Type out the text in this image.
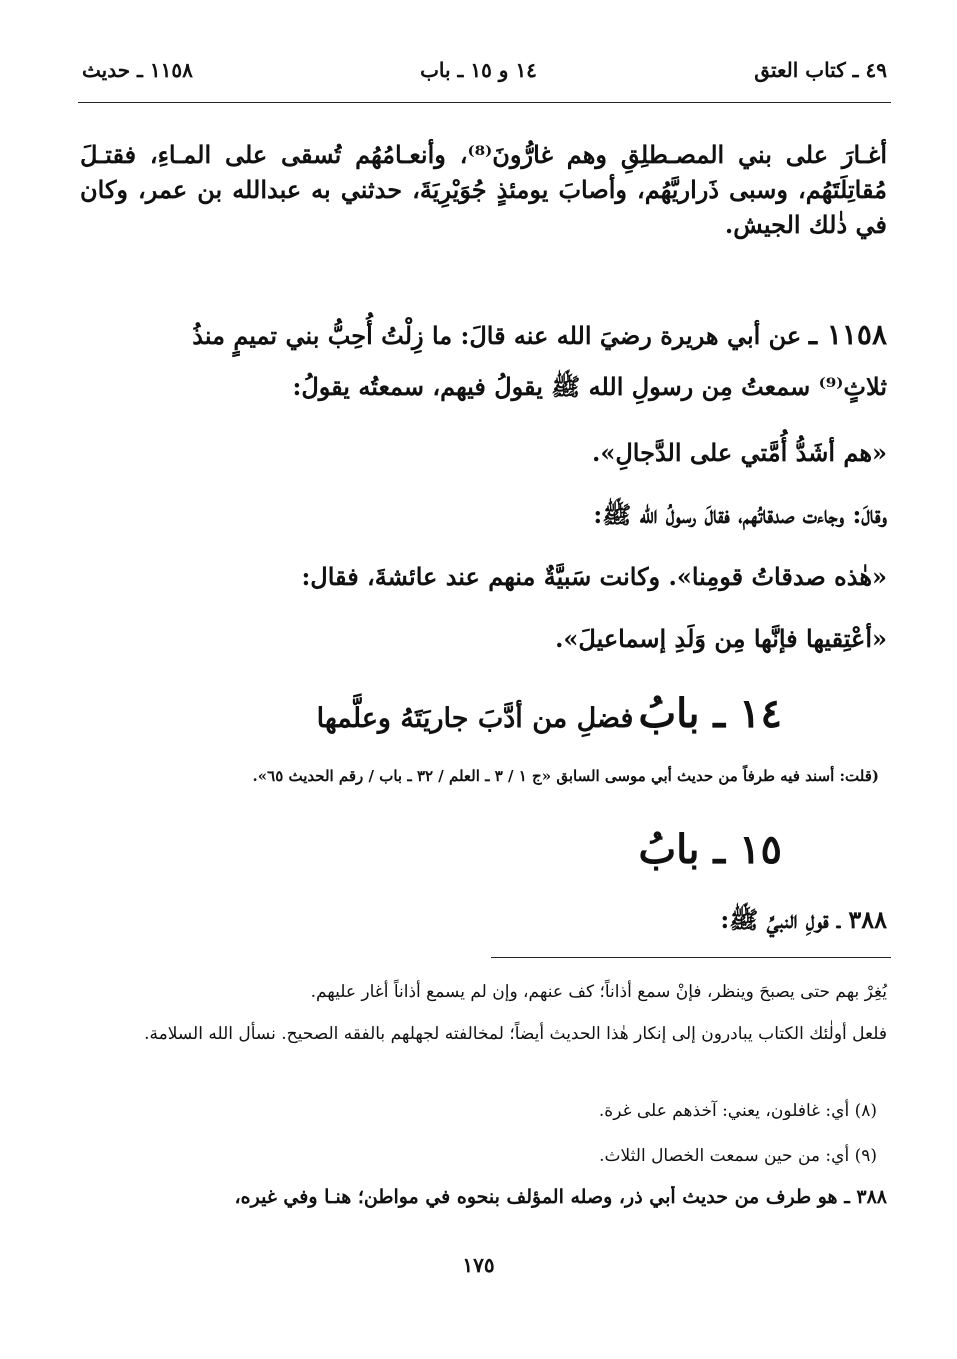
٤٩ ـ كتاب العتق
١٤ و ١٥ ـ باب
١١٥٨ ـ حديث
أغـارَ على بني المصـطلِقِ وهم غارُّونَ⁽⁸⁾، وأنعـامُهُم تُسقى على المـاءِ، فقتـلَ مُقاتِلَتَهُم، وسبى ذَراريَّهُم، وأصابَ يومئذٍ جُوَيْرِيَةَ، حدثني به عبدالله بن عمر، وكان في ذٰلك الجيش.
١١٥٨ ـ عن أبي هريرة رضيَ الله عنه قالَ: ما زِلْتُ أُحِبُّ بني تميمٍ منذُ
ثلاثٍ⁽⁹⁾ سمعتُ مِن رسولِ الله ﷺ يقولُ فيهم، سمعتُه يقولُ:
«هم أشَدُّ أُمَّتي على الدَّجالِ».
وقالَ: وجاءت صدقاتُهم، فقالَ رسولُ الله ﷺ:
«هٰذه صدقاتُ قومِنا». وكانت سَبيَّةٌ منهم عند عائشةَ، فقال:
«أعْتِقيها فإنَّها مِن وَلَدِ إسماعيلَ».
١٤ ـ بابُ فضلِ من أدَّبَ جاريَتَهُ وعلَّمها
(قلت: أسند فيه طرفاً من حديث أبي موسى السابق «ج ١ / ٣ ـ العلم / ٣٢ ـ باب / رقم الحديث ٦٥».
١٥ ـ بابُ
٣٨٨ ـ قولِ النبيِّ ﷺ:
يُغِرْ بهم حتى يصبحَ وينظر، فإنْ سمع أذاناً؛ كف عنهم، وإن لم يسمع أذاناً أغار عليهم.
فلعل أولٰئك الكتاب يبادرون إلى إنكار هٰذا الحديث أيضاً؛ لمخالفته لجهلهم بالفقه الصحيح. نسأل الله السلامة.
(٨) أي: غافلون، يعني: آخذهم على غرة.
(٩) أي: من حين سمعت الخصال الثلاث.
٣٨٨ ـ هو طرف من حديث أبي ذر، وصله المؤلف بنحوه في مواطن؛ هنـا وفي غيره،
١٧٥
